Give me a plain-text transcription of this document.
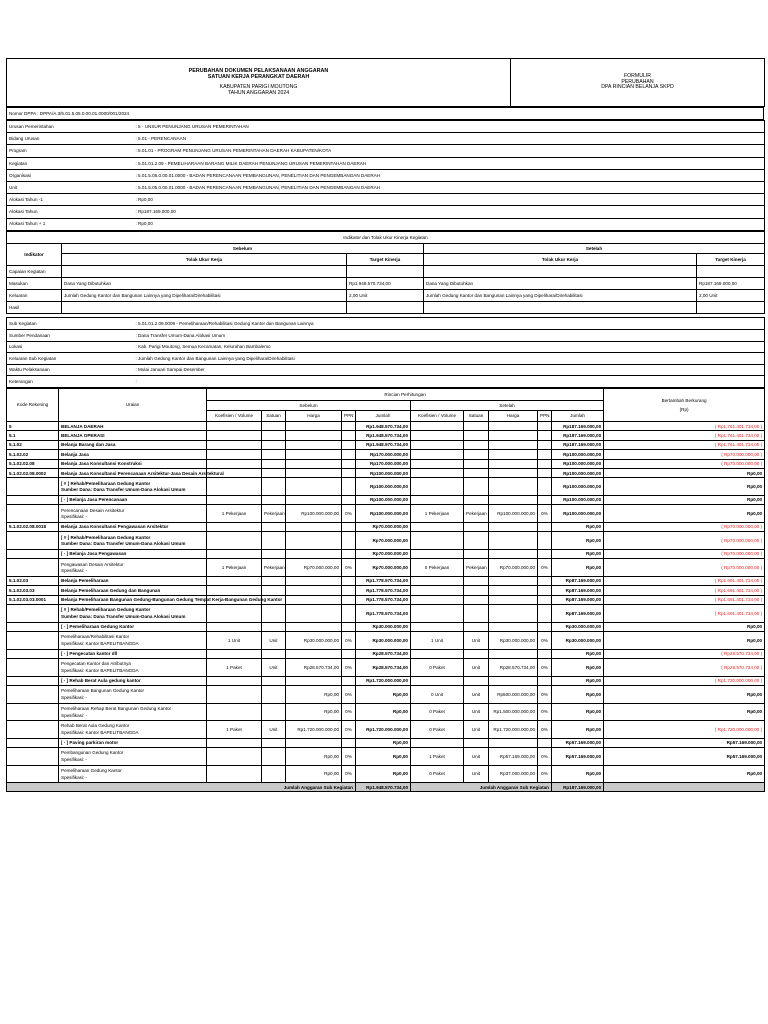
PERUBAHAN DOKUMEN PELAKSANAAN ANGGARAN
SATUAN KERJA PERANGKAT DAERAH
KABUPATEN PARIGI MOUTONG
TAHUN ANGGARAN 2024

FORMULIR
PERUBAHAN
DPA RINCIAN BELANJA SKPD
Nomor DPPA : DPPA/A.3/5.01.5.05.0.00.01.0000/001/2024
Urusan Pemerintahan	: 5 - UNSUR PENUNJANG URUSAN PEMERINTAHAN
Bidang Urusan	: 5.01 - PERENCANAAN
Program	: 5.01.01 - PROGRAM PENUNJANG URUSAN PEMERINTAHAN DAERAH KABUPATEN/KOTA
Kegiatan	: 5.01.01.2.09 - PEMELIHARAAN BARANG MILIK DAERAH PENUNJANG URUSAN PEMERINTAHAN DAERAH
Organisasi	: 5.01.5.05.0.00.01.0000 - BADAN PERENCANAAN PEMBANGUNAN, PENELITIAN DAN PENGEMBANGAN DAERAH
Unit	: 5.01.5.05.0.00.01.0000 - BADAN PERENCANAAN PEMBANGUNAN, PENELITIAN DAN PENGEMBANGAN DAERAH
Alokasi Tahun -1	: Rp0,00
Alokasi Tahun	: Rp187.169.000,00
Alokasi Tahun + 1	: Rp0,00
Indikator dan Tolak Ukur Kinerja Kegiatan				
Indikator	Sebelum		Setelah	
	Tolak Ukur Kerja	Target Kinerja	Tolak Ukur Kerja	Target Kinerja
Capaian Kegiatan				
Masukan	Dana Yang Dibutuhkan	Rp1.948.570.734,00	Dana Yang Dibutuhkan	Rp187.169.000,00
Keluaran	Jumlah Gedung Kantor dan Bangunan Lainnya yang Dipelihara/Direhabilitasi	2,00 Unit	Jumlah Gedung Kantor dan Bangunan Lainnya yang Dipelihara/Direhabilitasi	2,00 Unit
Hasil				
Sub Kegiatan	: 5.01.01.2.09.0009 - Pemeliharaan/Rehabilitasi Gedung Kantor dan Bangunan Lainnya
Sumber Pendanaan	: Dana Transfer Umum-Dana Alokasi Umum
Lokasi	: Kab. Parigi Moutong, Semua Kecamatan, Kelurahan Bambalemo
Keluaran Sub Kegiatan	: Jumlah Gedung Kantor dan Bangunan Lainnya yang Dipelihara/Direhabilitasi
Waktu Pelaksanaan	: Mulai Januari Sampai Desember
Keterangan	:
Kode Rekening	Uraian	Rincian Perhitungan										Bertambah Berkurang
(Rp)

		Sebelum					Setelah					
		Koefisien / Volume	Satuan	Harga	PPN	Jumlah	Koefisien / Volume	Satuan	Harga	PPN	Jumlah	
5	BELANJA DAERAH					Rp1.948.570.734,00					Rp187.169.000,00	( Rp1.761.401.734,00 )
5.1	BELANJA OPERASI					Rp1.948.570.734,00					Rp187.169.000,00	( Rp1.761.401.734,00 )
5.1.02	Belanja Barang dan Jasa					Rp1.948.570.734,00					Rp187.169.000,00	( Rp1.761.401.734,00 )
5.1.02.02	Belanja Jasa					Rp170.000.000,00					Rp100.000.000,00	( Rp70.000.000,00 )
5.1.02.02.08	Belanja Jasa Konsultansi Konstruksi					Rp170.000.000,00					Rp100.000.000,00	( Rp70.000.000,00 )
5.1.02.02.08.0002	Belanja Jasa Konsultansi Perencanaan Arsitektur-Jasa Desain Arsitektural					Rp100.000.000,00					Rp100.000.000,00	Rp0,00

	[ # ] Rehab/Pemeliharaan Gedung Kantor
Sumber Dana: Dana Transfer Umum-Dana Alokasi Umum					Rp100.000.000,00					Rp100.000.000,00	Rp0,00

	[ - ] Belanja Jasa Perencanaan					Rp100.000.000,00					Rp100.000.000,00	Rp0,00

	Perencanaan Desain Arsitektur
Spesifikasi: -	1 Pekerjaan	Pekerjaan	Rp100.000.000,00	0%	Rp100.000.000,00	1 Pekerjaan	Pekerjaan	Rp100.000.000,00	0%	Rp100.000.000,00	Rp0,00
5.1.02.02.08.0018	Belanja Jasa Konsultansi Pengawasan Arsitektur					Rp70.000.000,00					Rp0,00	( Rp70.000.000,00 )

	[ # ] Rehab/Pemeliharaan Gedung Kantor
Sumber Dana: Dana Transfer Umum-Dana Alokasi Umum					Rp70.000.000,00					Rp0,00	( Rp70.000.000,00 )

	[ - ] Belanja Jasa Pengawasan					Rp70.000.000,00					Rp0,00	( Rp70.000.000,00 )

	Pengawasan Desain Arsitektur
Spesifikasi: -	1 Pekerjaan	Pekerjaan	Rp70.000.000,00	0%	Rp70.000.000,00	0 Pekerjaan	Pekerjaan	Rp70.000.000,00	0%	Rp0,00	( Rp70.000.000,00 )
5.1.02.03	Belanja Pemeliharaan					Rp1.778.570.734,00					Rp87.169.000,00	( Rp1.691.401.734,00 )
5.1.02.03.03	Belanja Pemeliharaan Gedung dan Bangunan					Rp1.778.570.734,00					Rp87.169.000,00	( Rp1.691.401.734,00 )
5.1.02.03.03.0001	Belanja Pemeliharaan Bangunan Gedung-Bangunan Gedung Tempat Kerja-Bangunan Gedung Kantor					Rp1.778.570.734,00					Rp87.169.000,00	( Rp1.691.401.734,00 )

	[ # ] Rehab/Pemeliharaan Gedung Kantor
Sumber Dana: Dana Transfer Umum-Dana Alokasi Umum					Rp1.778.570.734,00					Rp87.169.000,00	( Rp1.691.401.734,00 )

	[ - ] Pemeliharaan Gedung Kantor					Rp30.000.000,00					Rp30.000.000,00	Rp0,00

	Pemeliharaan/Rehabilitasi Kantor
Spesifikasi: Kantor BAPELITBANGDA	1 Unit	Unit	Rp30.000.000,00	0%	Rp30.000.000,00	1 Unit	Unit	Rp30.000.000,00	0%	Rp30.000.000,00	Rp0,00

	[ - ] Pengecatan kantor dll					Rp28.570.734,00					Rp0,00	( Rp28.570.734,00 )

	Pengecatan Kantor dan Atributnya
Spesifikasi: Kantor BAPELITBANGDA	1 Paket	Unit	Rp28.570.734,00	0%	Rp28.570.734,00	0 Paket	Unit	Rp28.570.734,00	0%	Rp0,00	( Rp28.570.734,00 )

	[ - ] Rehab Berat Aula gedung kantor					Rp1.720.000.000,00					Rp0,00	( Rp1.720.000.000,00 )

	Pemeliharaan Bangunan Gedung Kantor
Spesifikasi: -			Rp0,00	0%	Rp0,00	0 Unit	Unit	Rp500.000.000,00	0%	Rp0,00	Rp0,00

	Pemeliharaan Rehap Berat Bangunan Gedung Kantor
Spesifikasi: -			Rp0,00	0%	Rp0,00	0 Paket	Unit	Rp1.500.000.000,00	0%	Rp0,00	Rp0,00

	Rehab Berat Aula Gedung Kantor
Spesifikasi: Kantor BAPELITBANGDA	1 Paket	Unit	Rp1.720.000.000,00	0%	Rp1.720.000.000,00	0 Paket	Unit	Rp1.720.000.000,00	0%	Rp0,00	( Rp1.720.000.000,00 )

	[ - ] Paving parkiran motor					Rp0,00					Rp57.169.000,00	Rp57.169.000,00

	Pembangunan Gedung Kantor
Spesifikasi: -			Rp0,00	0%	Rp0,00	1 Paket	Unit	Rp57.169.000,00	0%	Rp57.169.000,00	Rp57.169.000,00

	Pemeliharaan Gedung Kantor
Spesifikasi: -			Rp0,00	0%	Rp0,00	0 Paket	Unit	Rp37.000.000,00	0%	Rp0,00	Rp0,00
Jumlah Anggaran Sub Kegiatan						Rp1.948.570.734,00	Jumlah Anggaran Sub Kegiatan				Rp187.169.000,00	
